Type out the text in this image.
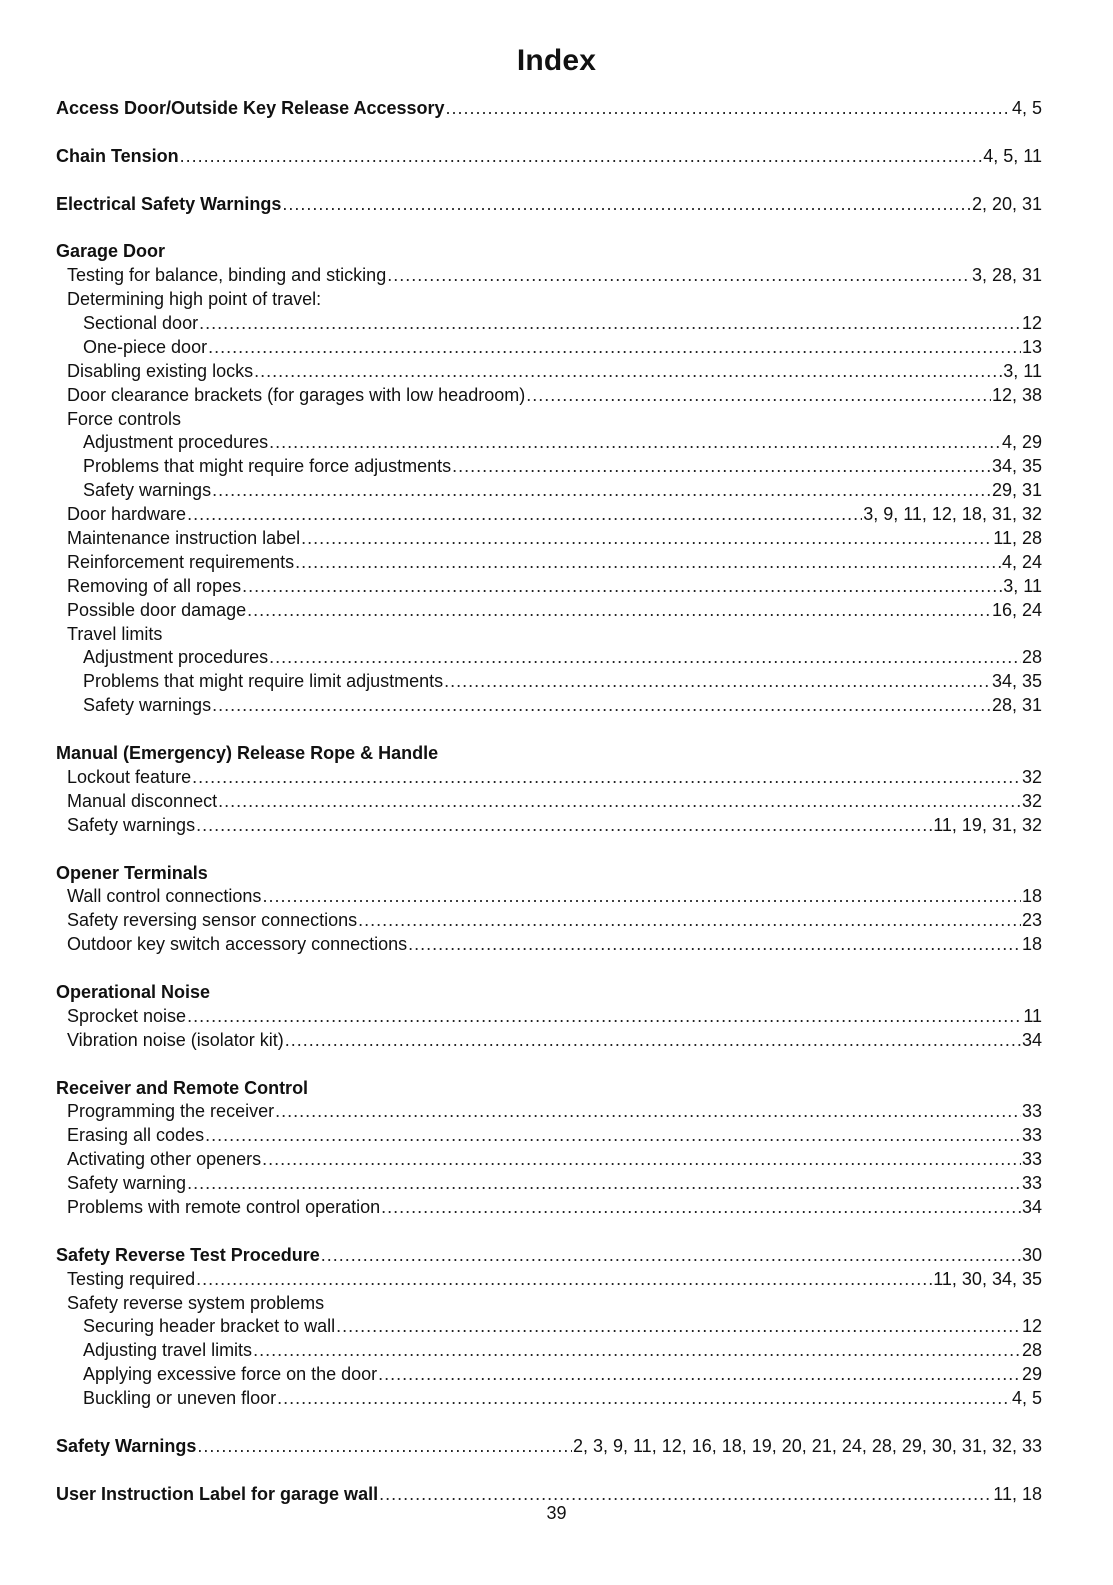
Index
Access Door/Outside Key Release Accessory .....	4, 5
Chain Tension .....	4, 5, 11
Electrical Safety Warnings .....	2, 20, 31
Garage Door
Testing for balance, binding and sticking .....	3, 28, 31
Determining high point of travel:
Sectional door .....	12
One-piece door .....	13
Disabling existing locks .....	3, 11
Door clearance brackets (for garages with low headroom) .....	12, 38
Force controls
Adjustment procedures .....	4, 29
Problems that might require force adjustments .....	34, 35
Safety warnings .....	29, 31
Door hardware .....	3, 9, 11, 12, 18, 31, 32
Maintenance instruction label .....	11, 28
Reinforcement requirements .....	4, 24
Removing of all ropes .....	3, 11
Possible door damage .....	16, 24
Travel limits
Adjustment procedures .....	28
Problems that might require limit adjustments .....	34, 35
Safety warnings .....	28, 31
Manual (Emergency) Release Rope & Handle
Lockout feature .....	32
Manual disconnect .....	32
Safety warnings .....	11, 19, 31, 32
Opener Terminals
Wall control connections .....	18
Safety reversing sensor connections .....	23
Outdoor key switch accessory connections .....	18
Operational Noise
Sprocket noise .....	11
Vibration noise (isolator kit) .....	34
Receiver and Remote Control
Programming the receiver .....	33
Erasing all codes .....	33
Activating other openers .....	33
Safety warning .....	33
Problems with remote control operation .....	34
Safety Reverse Test Procedure .....	30
Testing required .....	11, 30, 34, 35
Safety reverse system problems
Securing header bracket to wall .....	12
Adjusting travel limits .....	28
Applying excessive force on the door .....	29
Buckling or uneven floor .....	4, 5
Safety Warnings .....	2, 3, 9, 11, 12, 16, 18, 19, 20, 21, 24, 28, 29, 30, 31, 32, 33
User Instruction Label for garage wall .....	11, 18
39
